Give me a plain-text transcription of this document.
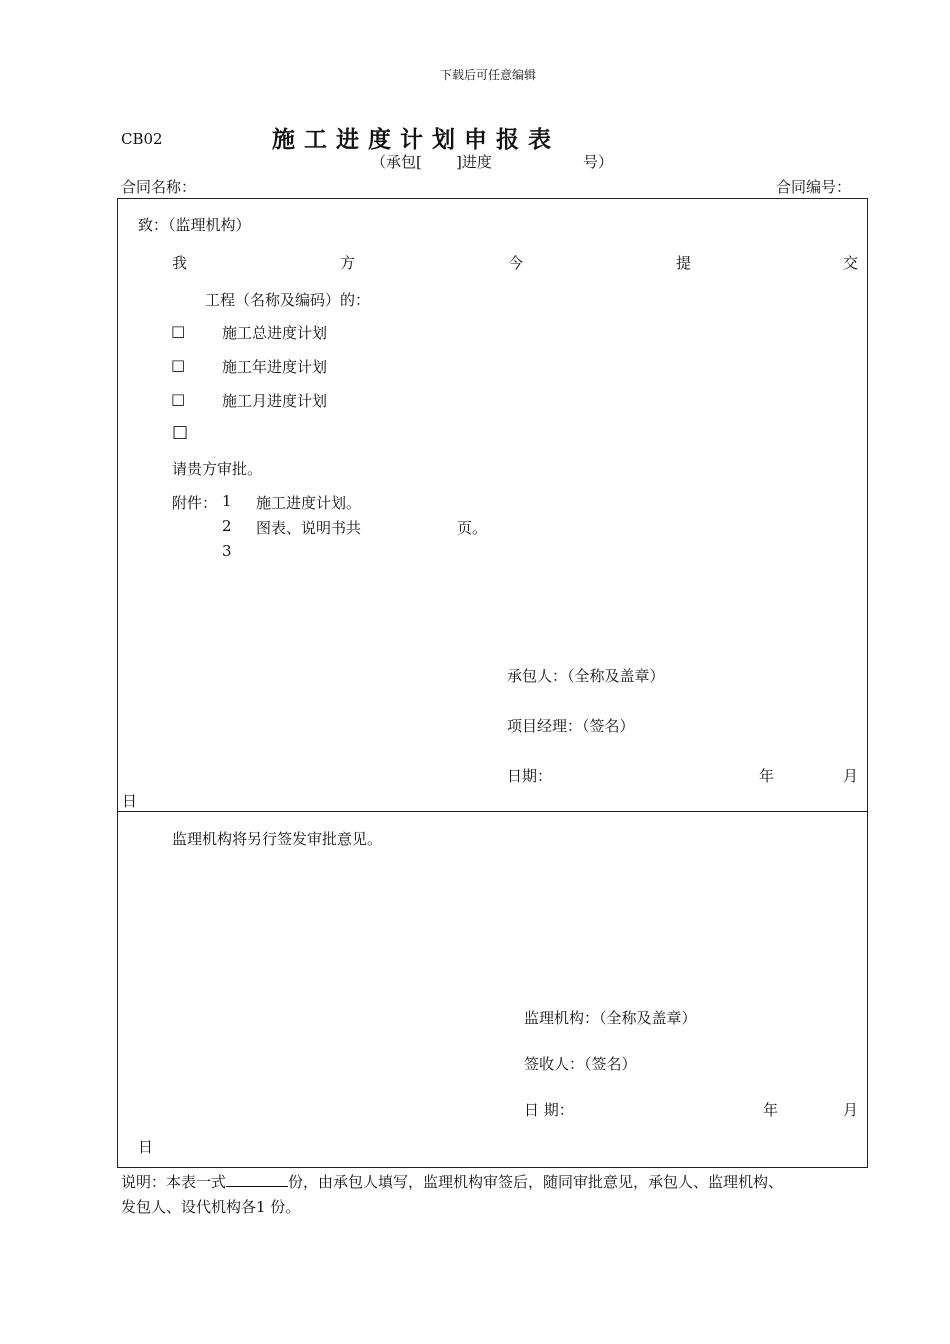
下载后可任意编辑
CB02	施工进度计划申报表
（承包[ ]进度	号）
合同名称：	合同编号：
致：（监理机构）
我	方	今	提	交
工程（名称及编码）的：
□ 施工总进度计划
□ 施工年进度计划
□ 施工月进度计划
□
请贵方审批。
附件： 1 施工进度计划。
2 图表、说明书共	页。
3
承包人：（全称及盖章）
项目经理：（签名）
日期：	年	月
日
监理机构将另行签发审批意见。
监理机构：（全称及盖章）
签收人：（签名）
日 期：	年	月
日
说明：本表一式	份，由承包人填写，监理机构审签后，随同审批意见，承包人、监理机构、
发包人、设代机构各1 份。
